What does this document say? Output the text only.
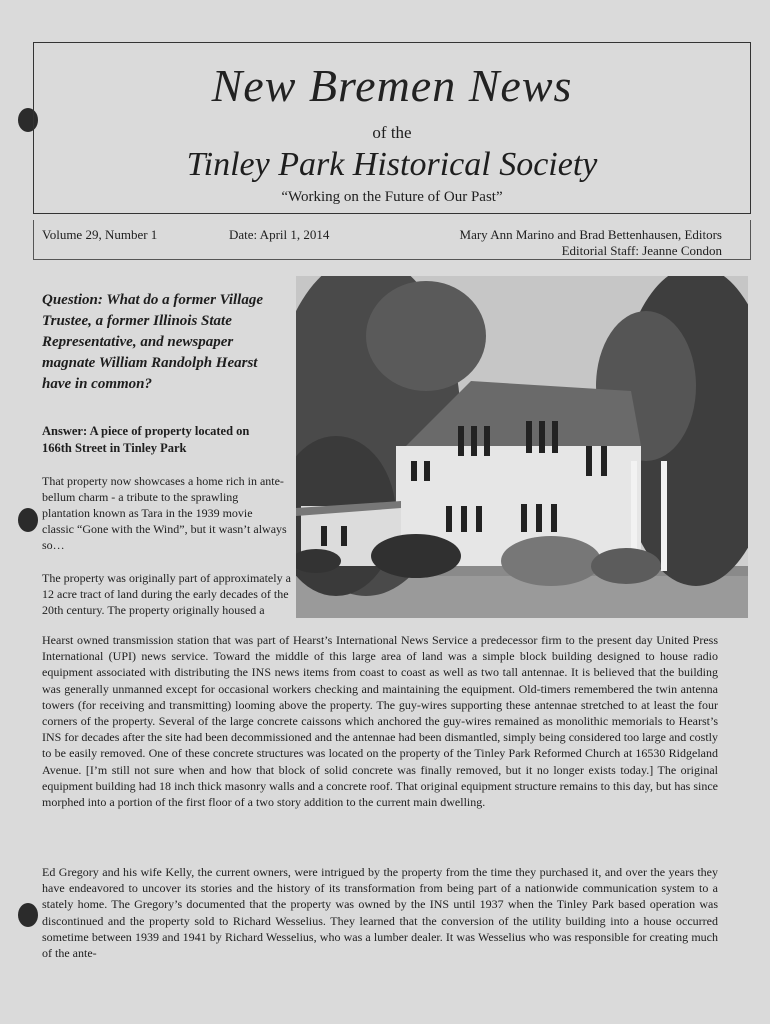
New Bremen News
of the
Tinley Park Historical Society
“Working on the Future of Our Past”
Volume 29, Number 1	Date: April 1, 2014	Mary Ann Marino and Brad Bettenhausen, Editors
Editorial Staff: Jeanne Condon
Question: What do a former Village Trustee, a former Illinois State Representative, and newspaper magnate William Randolph Hearst have in common?
Answer: A piece of property located on 166th Street in Tinley Park
That property now showcases a home rich in ante-bellum charm - a tribute to the sprawling plantation known as Tara in the 1939 movie classic “Gone with the Wind”, but it wasn’t always so…
The property was originally part of approximately a 12 acre tract of land during the early decades of the 20th century. The property originally housed a
Hearst owned transmission station that was part of Hearst’s International News Service a predecessor firm to the present day United Press International (UPI) news service. Toward the middle of this large area of land was a simple block building designed to house radio equipment associated with distributing the INS news items from coast to coast as well as two tall antennae. It is believed that the building was generally unmanned except for occasional workers checking and maintaining the equipment. Old-timers remembered the twin antenna towers (for receiving and transmitting) looming above the property. The guy-wires supporting these antennae stretched to at least the four corners of the property. Several of the large concrete caissons which anchored the guy-wires remained as monolithic memorials to Hearst’s INS for decades after the site had been decommissioned and the antennae had been dismantled, simply being considered too large and costly to be easily removed. One of these concrete structures was located on the property of the Tinley Park Reformed Church at 16530 Ridgeland Avenue. [I’m still not sure when and how that block of solid concrete was finally removed, but it no longer exists today.] The original equipment building had 18 inch thick masonry walls and a concrete roof. That original equipment structure remains to this day, but has since morphed into a portion of the first floor of a two story addition to the current main dwelling.
Ed Gregory and his wife Kelly, the current owners, were intrigued by the property from the time they purchased it, and over the years they have endeavored to uncover its stories and the history of its transformation from being part of a nationwide communication system to a stately home. The Gregory’s documented that the property was owned by the INS until 1937 when the Tinley Park based operation was discontinued and the property sold to Richard Wesselius. They learned that the conversion of the utility building into a house occurred sometime between 1939 and 1941 by Richard Wesselius, who was a lumber dealer. It was Wesselius who was responsible for creating much of the ante-
